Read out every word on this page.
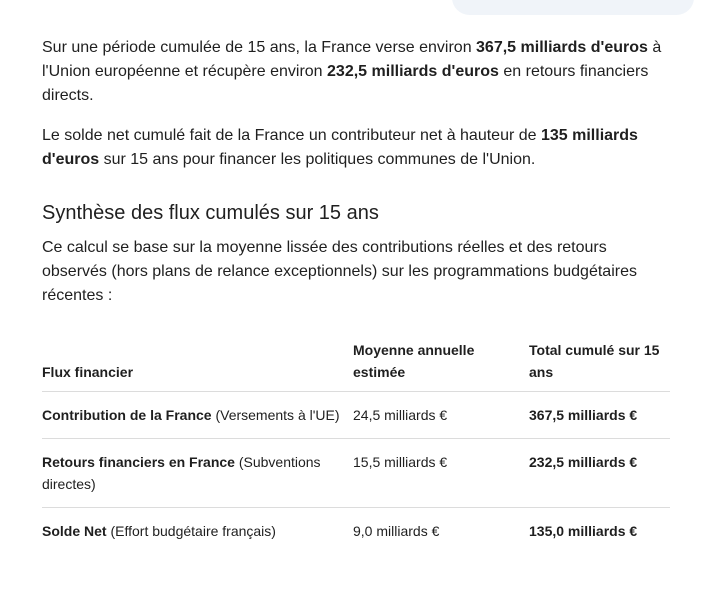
Sur une période cumulée de 15 ans, la France verse environ 367,5 milliards d'euros à l'Union européenne et récupère environ 232,5 milliards d'euros en retours financiers directs.

Le solde net cumulé fait de la France un contributeur net à hauteur de 135 milliards d'euros sur 15 ans pour financer les politiques communes de l'Union.

Synthèse des flux cumulés sur 15 ans

Ce calcul se base sur la moyenne lissée des contributions réelles et des retours observés (hors plans de relance exceptionnels) sur les programmations budgétaires récentes :

Flux financier	Moyenne annuelle estimée	Total cumulé sur 15 ans
Contribution de la France (Versements à l'UE)	24,5 milliards €	367,5 milliards €
Retours financiers en France (Subventions directes)	15,5 milliards €	232,5 milliards €
Solde Net (Effort budgétaire français)	9,0 milliards €	135,0 milliards €
